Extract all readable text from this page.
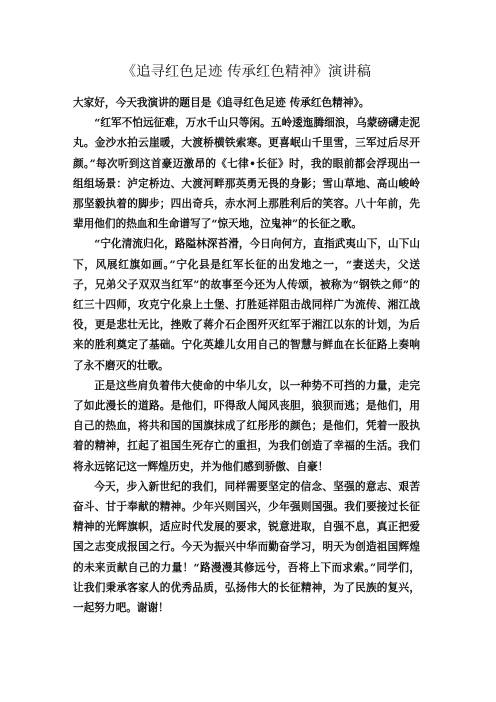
《追寻红色足迹 传承红色精神》演讲稿

大家好，今天我演讲的题目是《追寻红色足迹 传承红色精神》。

“红军不怕远征难，万水千山只等闲。五岭逶迤腾细浪，乌蒙磅礴走泥丸。金沙水拍云崖暖，大渡桥横铁索寒。更喜岷山千里雪，三军过后尽开颜。”每次听到这首豪迈激昂的《七律•长征》时，我的眼前都会浮现出一组组场景：泸定桥边、大渡河畔那英勇无畏的身影；雪山草地、高山峻岭那坚毅执着的脚步；四出奇兵，赤水河上那胜利后的笑容。八十年前，先辈用他们的热血和生命谱写了“惊天地，泣鬼神”的长征之歌。

“宁化清流归化，路隘林深苔滑，今日向何方，直指武夷山下，山下山下，风展红旗如画。”宁化县是红军长征的出发地之一，“妻送夫，父送子，兄弟父子双双当红军”的故事至今还为人传颂，被称为“钢铁之师”的红三十四师，攻克宁化泉上土堡、打胜延祥阻击战同样广为流传、湘江战役，更是悲壮无比，挫败了蒋介石企图歼灭红军于湘江以东的计划，为后来的胜利奠定了基础。宁化英雄儿女用自己的智慧与鲜血在长征路上奏响了永不磨灭的壮歌。

正是这些肩负着伟大使命的中华儿女，以一种势不可挡的力量，走完了如此漫长的道路。是他们，吓得敌人闻风丧胆，狼狈而逃；是他们，用自己的热血，将共和国的国旗抹成了红彤彤的颜色；是他们，凭着一股执着的精神，扛起了祖国生死存亡的重担，为我们创造了幸福的生活。我们将永远铭记这一辉煌历史，并为他们感到骄傲、自豪！

今天，步入新世纪的我们，同样需要坚定的信念、坚强的意志、艰苦奋斗、甘于奉献的精神。少年兴则国兴，少年强则国强。我们要接过长征精神的光辉旗帜，适应时代发展的要求，锐意进取，自强不息，真正把爱国之志变成报国之行。今天为振兴中华而勤奋学习，明天为创造祖国辉煌的未来贡献自己的力量！“路漫漫其修远兮，吾将上下而求索。”同学们，让我们秉承客家人的优秀品质，弘扬伟大的长征精神，为了民族的复兴，一起努力吧。谢谢！
